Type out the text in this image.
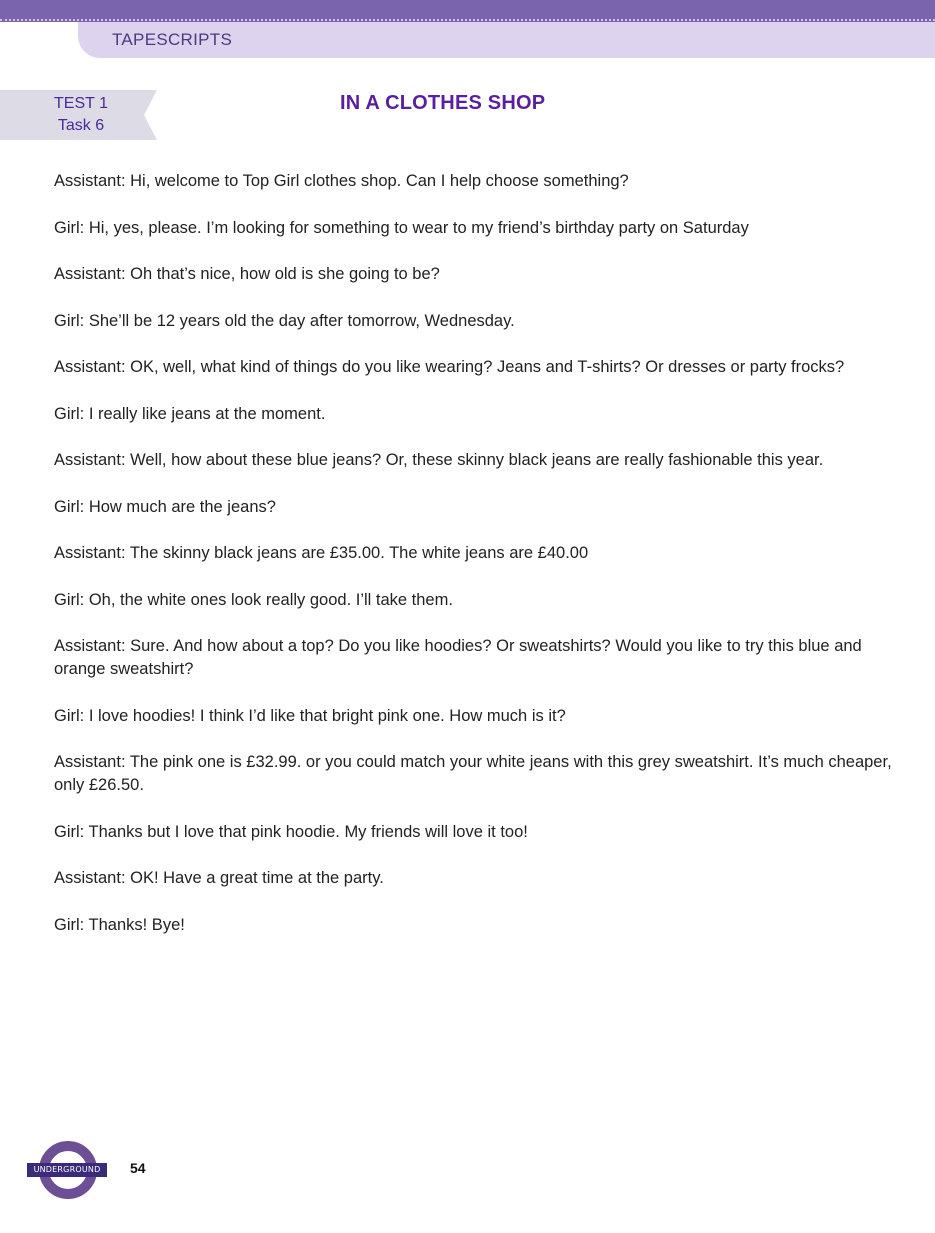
TAPESCRIPTS
TEST 1
Task 6
IN A CLOTHES SHOP
Assistant: Hi, welcome to Top Girl clothes shop. Can I help choose something?
Girl: Hi, yes, please. I’m looking for something to wear to my friend’s birthday party on Saturday
Assistant: Oh that’s nice, how old is she going to be?
Girl: She’ll be 12 years old the day after tomorrow, Wednesday.
Assistant: OK, well, what kind of things do you like wearing? Jeans and T-shirts? Or dresses or party frocks?
Girl: I really like jeans at the moment.
Assistant: Well, how about these blue jeans? Or, these skinny black jeans are really fashionable this year.
Girl: How much are the jeans?
Assistant: The skinny black jeans are £35.00. The white jeans are £40.00
Girl: Oh, the white ones look really good. I’ll take them.
Assistant: Sure. And how about a top? Do you like hoodies? Or sweatshirts? Would you like to try this blue and orange sweatshirt?
Girl: I love hoodies! I think I’d like that bright pink one. How much is it?
Assistant: The pink one is £32.99. or you could match your white jeans with this grey sweatshirt. It’s much cheaper, only £26.50.
Girl: Thanks but I love that pink hoodie. My friends will love it too!
Assistant: OK! Have a great time at the party.
Girl: Thanks! Bye!
UNDERGROUND	54
